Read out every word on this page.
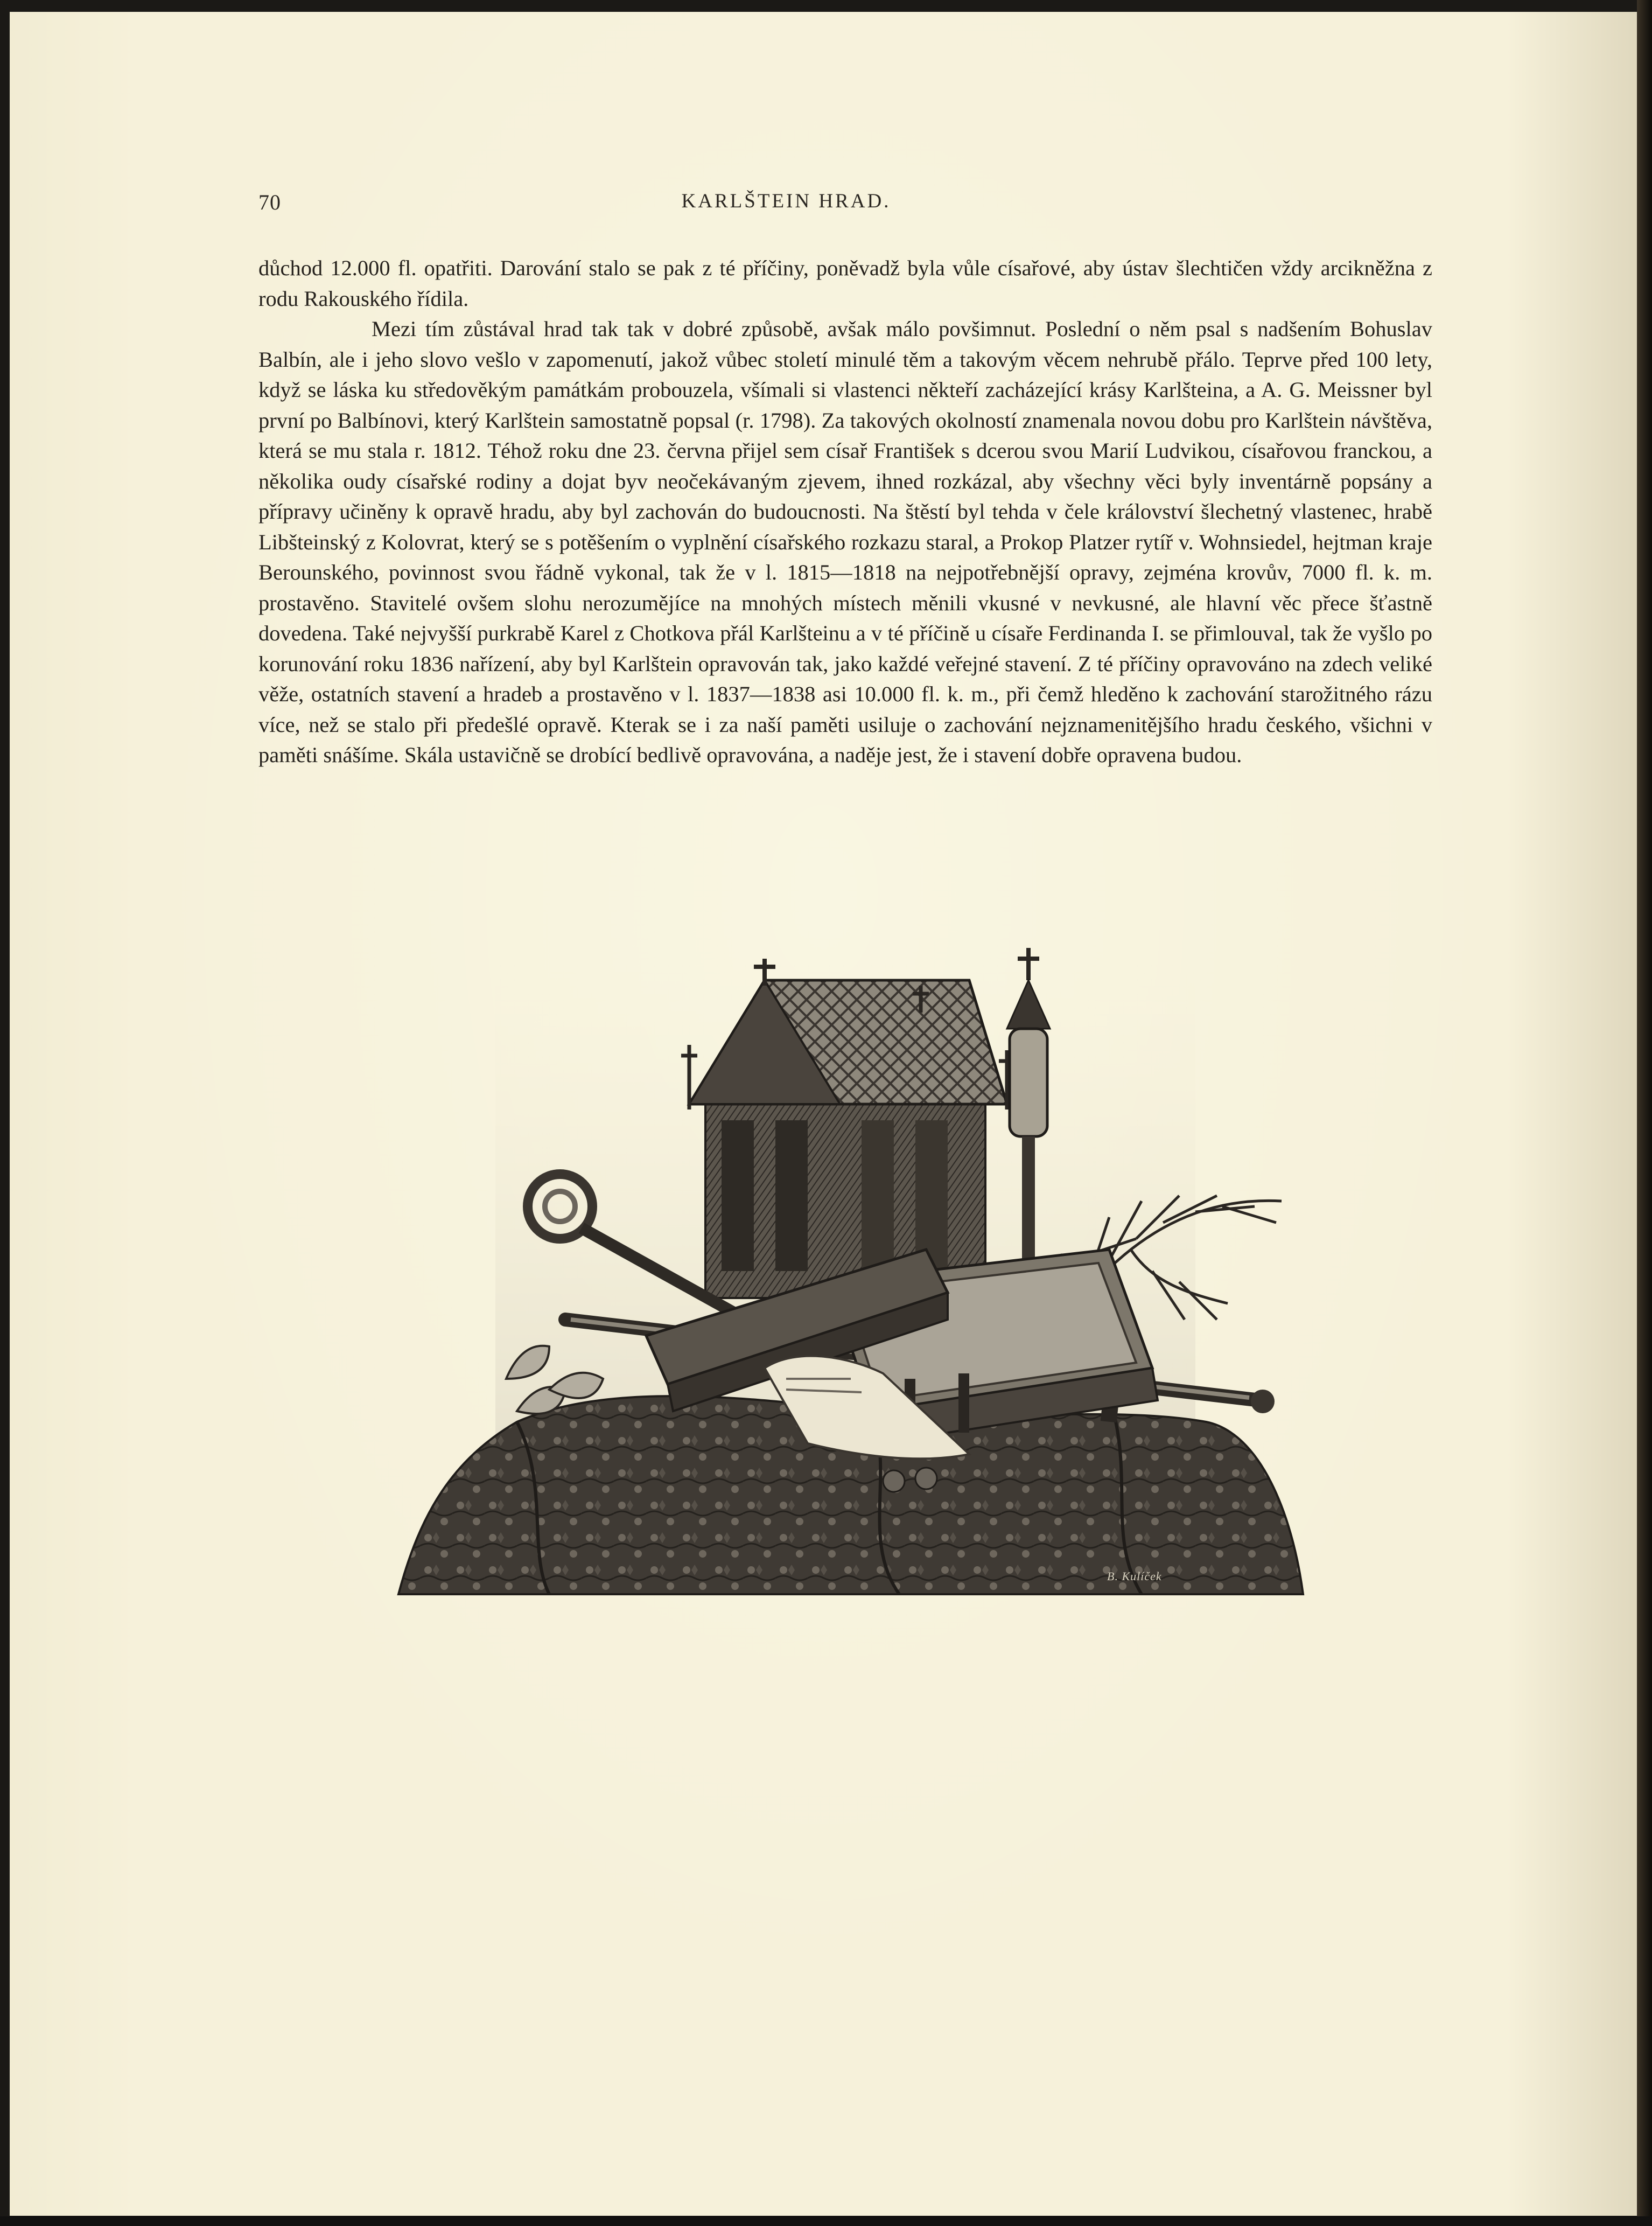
70	KARLŠTEIN HRAD.

důchod 12.000 fl. opatřiti. Darování stalo se pak z té příčiny, poněvadž byla vůle císařové, aby ústav šlechtičen vždy arcikněžna z rodu Rakouského řídila.

Mezi tím zůstával hrad tak tak v dobré způsobě, avšak málo povšimnut. Poslední o něm psal s nadšením Bohuslav Balbín, ale i jeho slovo vešlo v zapomenutí, jakož vůbec století minulé těm a takovým věcem nehrubě přálo. Teprve před 100 lety, když se láska ku středověkým památkám probouzela, všímali si vlastenci někteří zacházející krásy Karlšteina, a A. G. Meissner byl první po Balbínovi, který Karlštein samostatně popsal (r. 1798). Za takových okolností znamenala novou dobu pro Karlštein návštěva, která se mu stala r. 1812. Téhož roku dne 23. června přijel sem císař František s dcerou svou Marií Ludvikou, císařovou franckou, a několika oudy císařské rodiny a dojat byv neočekávaným zjevem, ihned rozkázal, aby všechny věci byly inventárně popsány a přípravy učiněny k opravě hradu, aby byl zachován do budoucnosti. Na štěstí byl tehda v čele království šlechetný vlastenec, hrabě Libšteinský z Kolovrat, který se s potěšením o vyplnění císařského rozkazu staral, a Prokop Platzer rytíř v. Wohnsiedel, hejtman kraje Berounského, povinnost svou řádně vykonal, tak že v l. 1815—1818 na nejpotřebnější opravy, zejména krovův, 7000 fl. k. m. prostavěno. Stavitelé ovšem slohu nerozumějíce na mnohých místech měnili vkusné v nevkusné, ale hlavní věc přece šťastně dovedena. Také nejvyšší purkrabě Karel z Chotkova přál Karlšteinu a v té příčině u císaře Ferdinanda I. se přimlouval, tak že vyšlo po korunování roku 1836 nařízení, aby byl Karlštein opravován tak, jako každé veřejné stavení. Z té příčiny opravováno na zdech veliké věže, ostatních stavení a hradeb a prostavěno v l. 1837—1838 asi 10.000 fl. k. m., při čemž hleděno k zachování starožitného rázu více, než se stalo při předešlé opravě. Kterak se i za naší paměti usiluje o zachování nejznamenitějšího hradu českého, všichni v paměti snášíme. Skála ustavičně se drobící bedlivě opravována, a naděje jest, že i stavení dobře opravena budou.

B. Kulíček
